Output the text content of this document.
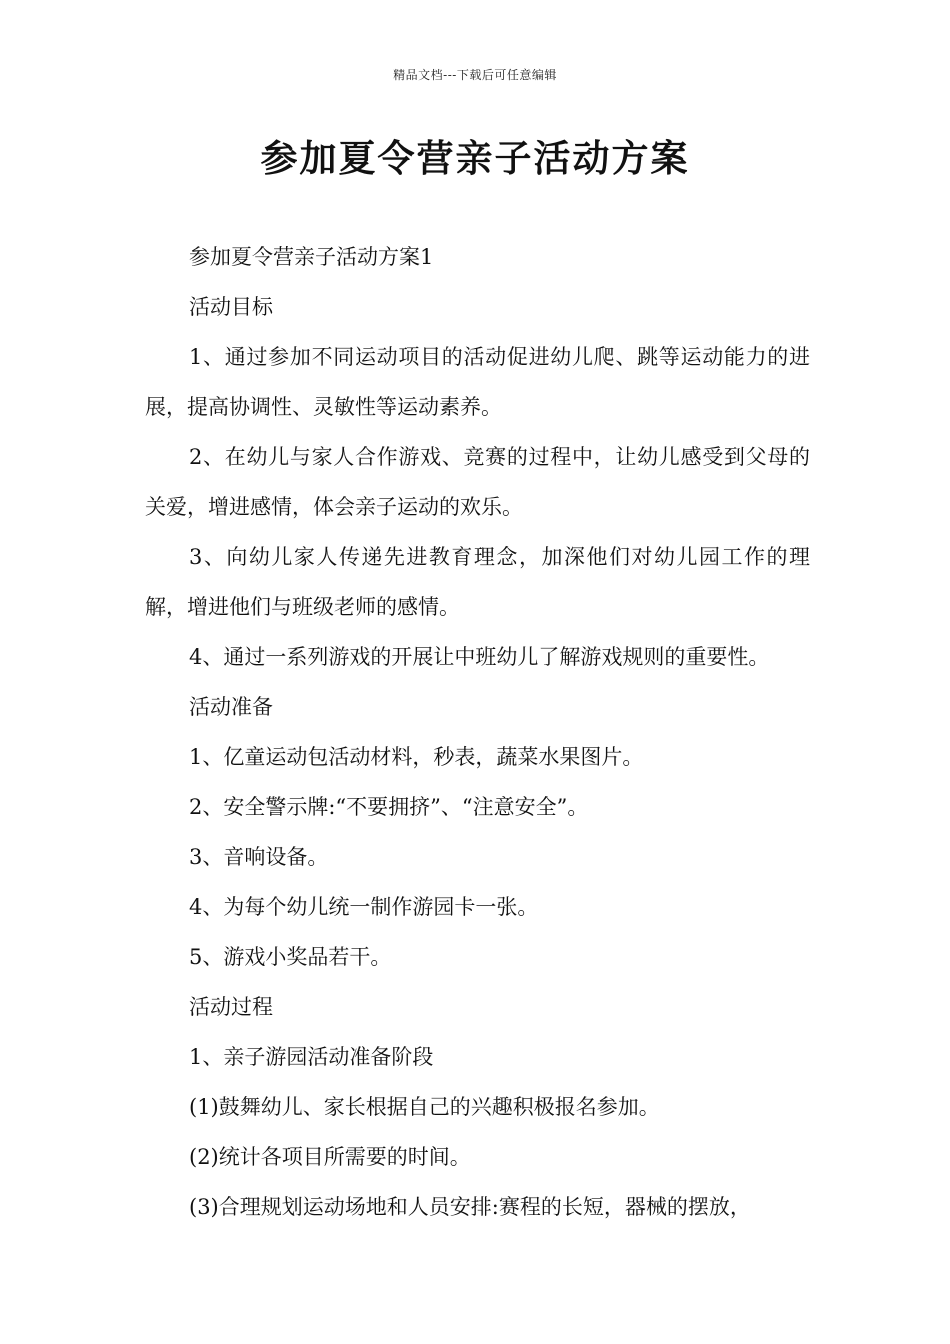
精品文档---下载后可任意编辑
参加夏令营亲子活动方案

参加夏令营亲子活动方案1

活动目标

1、通过参加不同运动项目的活动促进幼儿爬、跳等运动能力的进展，提高协调性、灵敏性等运动素养。

2、在幼儿与家人合作游戏、竞赛的过程中，让幼儿感受到父母的关爱，增进感情，体会亲子运动的欢乐。

3、向幼儿家人传递先进教育理念，加深他们对幼儿园工作的理解，增进他们与班级老师的感情。

4、通过一系列游戏的开展让中班幼儿了解游戏规则的重要性。

活动准备

1、亿童运动包活动材料，秒表，蔬菜水果图片。

2、安全警示牌:“不要拥挤”、“注意安全”。

3、音响设备。

4、为每个幼儿统一制作游园卡一张。

5、游戏小奖品若干。

活动过程

1、亲子游园活动准备阶段

(1)鼓舞幼儿、家长根据自己的兴趣积极报名参加。

(2)统计各项目所需要的时间。

(3)合理规划运动场地和人员安排:赛程的长短，器械的摆放，
